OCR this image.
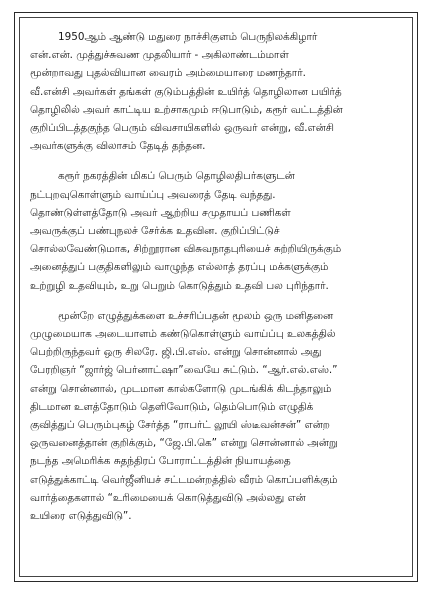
1950ஆம் ஆண்டு மதுரை நாச்சிகுளம் பெருநிலக்கிழார்
என்.என். முத்துச்சுவண முதலியார் - அகிலாண்டம்மாள்
மூன்றாவது புதல்வியான வைரம் அம்மையாரை மணந்தார்.
வீ.என்சி அவர்கள் தங்கள் குடும்பத்தின் உயிர்த் தொழிலான பயிர்த்
தொழிலில் அவர் காட்டிய உற்சாகமும் ஈடுபாடும், கரூர் வட்டத்தின்
குறிப்பிடத்தகுந்த பெரும் விவசாயிகளில் ஒருவர் என்று, வீ.என்சி
அவர்களுக்கு விலாசம் தேடித் தந்தன.
கரூர் நகரத்தின் மிகப் பெரும் தொழிலதிபர்களுடன்
நட்புறவுகொள்ளும் வாய்ப்பு அவரைத் தேடி வந்தது.
தொண்டுள்ளத்தோடு அவர் ஆற்றிய சமுதாயப் பணிகள்
அவருக்குப் பண்புநலச் சேர்க்க உதவின. குறிப்பிட்டுச்
சொல்லவேண்டுமாக, சிற்றூரான விசுவநாதபுரியைச் சுற்றியிருக்கும்
அனைத்துப் பகுதிகளிலும் வாழுந்த எல்லாத் தரப்பு மக்களுக்கும்
உற்றுழி உதவியும், உறு பெறும் கொடுத்தும் உதவி பல புரிந்தார்.
மூன்றே எழுத்துக்களை உச்சரிப்பதன் மூலம் ஒரு மனிதனை
முழுமையாக அடையாளம் கண்டுகொள்ளும் வாய்ப்பு உலகத்தில்
பெற்றிருந்தவர் ஒரு சிலரே. ஜி.பி.எஸ். என்று சொன்னால் அது
பேரறிஞர் “ஜார்ஜ் பெர்னாட்ஷா”வையே சுட்டும். “ஆர்.எல்.எஸ்.”
என்று சொன்னால், முடமான கால்களோடு முடங்கிக் கிடந்தாலும்
திடமான உளத்தோடும் தெளிவோடும், தெம்பொடும் எழுதிக்
குவித்துப் பெரும்புகழ் சேர்த்த “ராபர்ட் லூயி ஸ்டீவன்சன்” என்ற
ஒருவனைத்தான் குறிக்கும், “ஜே.பி.கெ” என்று சொன்னால் அன்று
நடந்த அமெரிக்க சுதந்திரப் போராட்டத்தின் நியாயத்தை
எடுத்துக்காட்டி வெர்ஜீனியச் சட்டமன்றத்தில் வீரம் கொப்பளிக்கும்
வார்த்தைகளால் “உரிமையைக் கொடுத்துவிடு அல்லது என்
உயிரை எடுத்துவிடு”.
